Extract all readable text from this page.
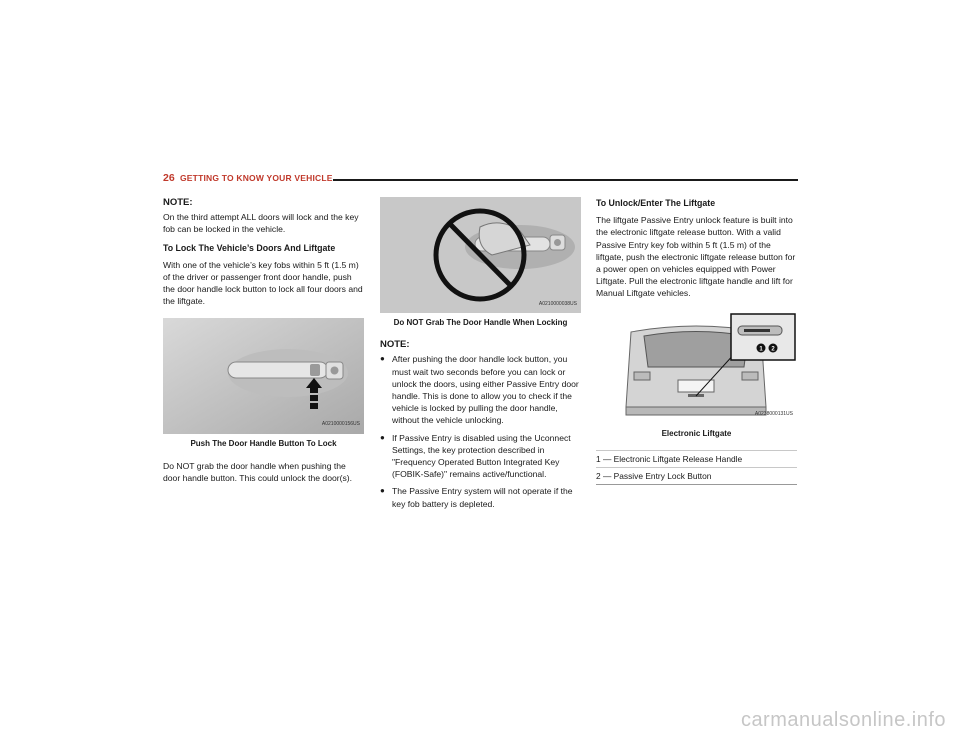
26 GETTING TO KNOW YOUR VEHICLE
NOTE:

On the third attempt ALL doors will lock and the key fob can be locked in the vehicle.

To Lock The Vehicle’s Doors And Liftgate

With one of the vehicle’s key fobs within 5 ft (1.5 m) of the driver or passenger front door handle, push the door handle lock button to lock all four doors and the liftgate.

A0210000156US
Push The Door Handle Button To Lock

Do NOT grab the door handle when pushing the door handle button. This could unlock the door(s).

A0210000038US
Do NOT Grab The Door Handle When Locking
NOTE:
● After pushing the door handle lock button, you must wait two seconds before you can lock or unlock the doors, using either Passive Entry door handle. This is done to allow you to check if the vehicle is locked by pulling the door handle, without the vehicle unlocking.
● If Passive Entry is disabled using the Uconnect Settings, the key protection described in "Frequency Operated Button Integrated Key (FOBIK-Safe)" remains active/functional.
● The Passive Entry system will not operate if the key fob battery is depleted.
To Unlock/Enter The Liftgate

The liftgate Passive Entry unlock feature is built into the electronic liftgate release button. With a valid Passive Entry key fob within 5 ft (1.5 m) of the liftgate, push the electronic liftgate release button for a power open on vehicles equipped with Power Liftgate. Pull the electronic liftgate handle and lift for Manual Liftgate vehicles.

1 2
A0238000131US
Electronic Liftgate
1 — Electronic Liftgate Release Handle
2 — Passive Entry Lock Button
carmanualsonline.info
